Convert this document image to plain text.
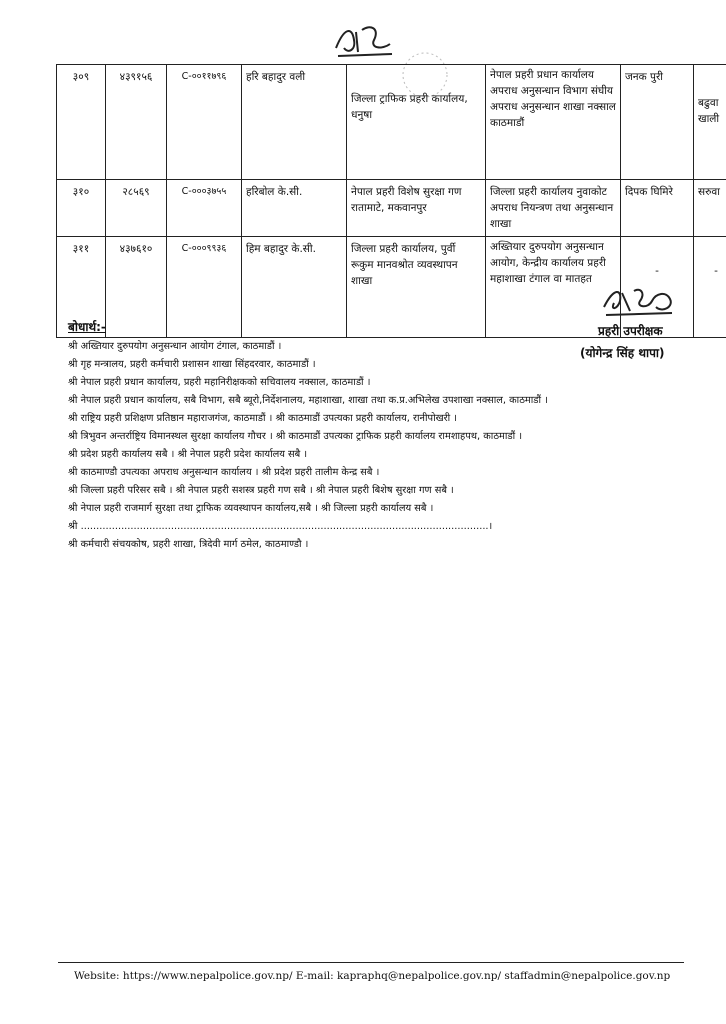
३०९	४३९१५६	C-००११७९६	हरि बहादुर वली	जिल्ला ट्राफिक प्रहरी कार्यालय, धनुषा	नेपाल प्रहरी प्रधान कार्यालय अपराध अनुसन्धान विभाग संघीय अपराध अनुसन्धान शाखा नक्साल काठमाडौं	जनक पुरी	बढुवा खाली
३१०	२८५६९	C-०००३७५५	हरिबोल के.सी.	नेपाल प्रहरी विशेष सुरक्षा गण रातामाटे, मकवानपुर	जिल्ला प्रहरी कार्यालय नुवाकोट अपराध नियन्त्रण तथा अनुसन्धान शाखा	दिपक घिमिरे	सरुवा
३११	४३७६१०	C-०००९९३६	हिम बहादुर के.सी.	जिल्ला प्रहरी कार्यालय, पुर्वी रूकुम मानवश्रोत व्यवस्थापन शाखा	अख्तियार दुरुपयोग अनुसन्धान आयोग, केन्द्रीय कार्यालय प्रहरी महाशाखा टंगाल वा मातहत	-	-
बोधार्थ:-
श्री अख्तियार दुरुपयोग अनुसन्धान आयोग टंगाल, काठमाडौं ।
श्री गृह मन्त्रालय, प्रहरी कर्मचारी प्रशासन शाखा सिंहदरवार, काठमाडौं ।
श्री नेपाल प्रहरी प्रधान कार्यालय, प्रहरी महानिरीक्षकको सचिवालय नक्साल, काठमाडौं ।
श्री नेपाल प्रहरी प्रधान कार्यालय, सबै विभाग, सबै ब्यूरो,निर्देशनालय, महाशाखा, शाखा तथा क.प्र.अभिलेख उपशाखा नक्साल, काठमाडौं ।
श्री राष्ट्रिय प्रहरी प्रशिक्षण प्रतिष्ठान महाराजगंज, काठमाडौं । श्री काठमाडौं उपत्यका प्रहरी कार्यालय, रानीपोखरी ।
श्री त्रिभुवन अन्तर्राष्ट्रिय विमानस्थल सुरक्षा कार्यालय गौचर । श्री काठमाडौं उपत्यका ट्राफिक प्रहरी कार्यालय रामशाहपथ, काठमाडौं ।
श्री प्रदेश प्रहरी कार्यालय सबै । श्री नेपाल प्रहरी प्रदेश कार्यालय सबै ।
श्री काठमाण्डौ उपत्यका अपराध अनुसन्धान कार्यालय । श्री प्रदेश प्रहरी तालीम केन्द्र सबै ।
श्री जिल्ला प्रहरी परिसर सबै । श्री नेपाल प्रहरी सशस्त्र प्रहरी गण सबै । श्री नेपाल प्रहरी बिशेष सुरक्षा गण सबै ।
श्री नेपाल प्रहरी राजमार्ग सुरक्षा तथा ट्राफिक व्यवस्थापन कार्यालय,सबै । श्री जिल्ला प्रहरी कार्यालय सबै ।
श्री ...................................................................................................................................।
श्री कर्मचारी संचयकोष, प्रहरी शाखा, त्रिदेवी मार्ग ठमेल, काठमाण्डौ ।
प्रहरी उपरीक्षक
(योगेन्द्र सिंह थापा)
Website: https://www.nepalpolice.gov.np/ E-mail: kapraphq@nepalpolice.gov.np/ staffadmin@nepalpolice.gov.np
